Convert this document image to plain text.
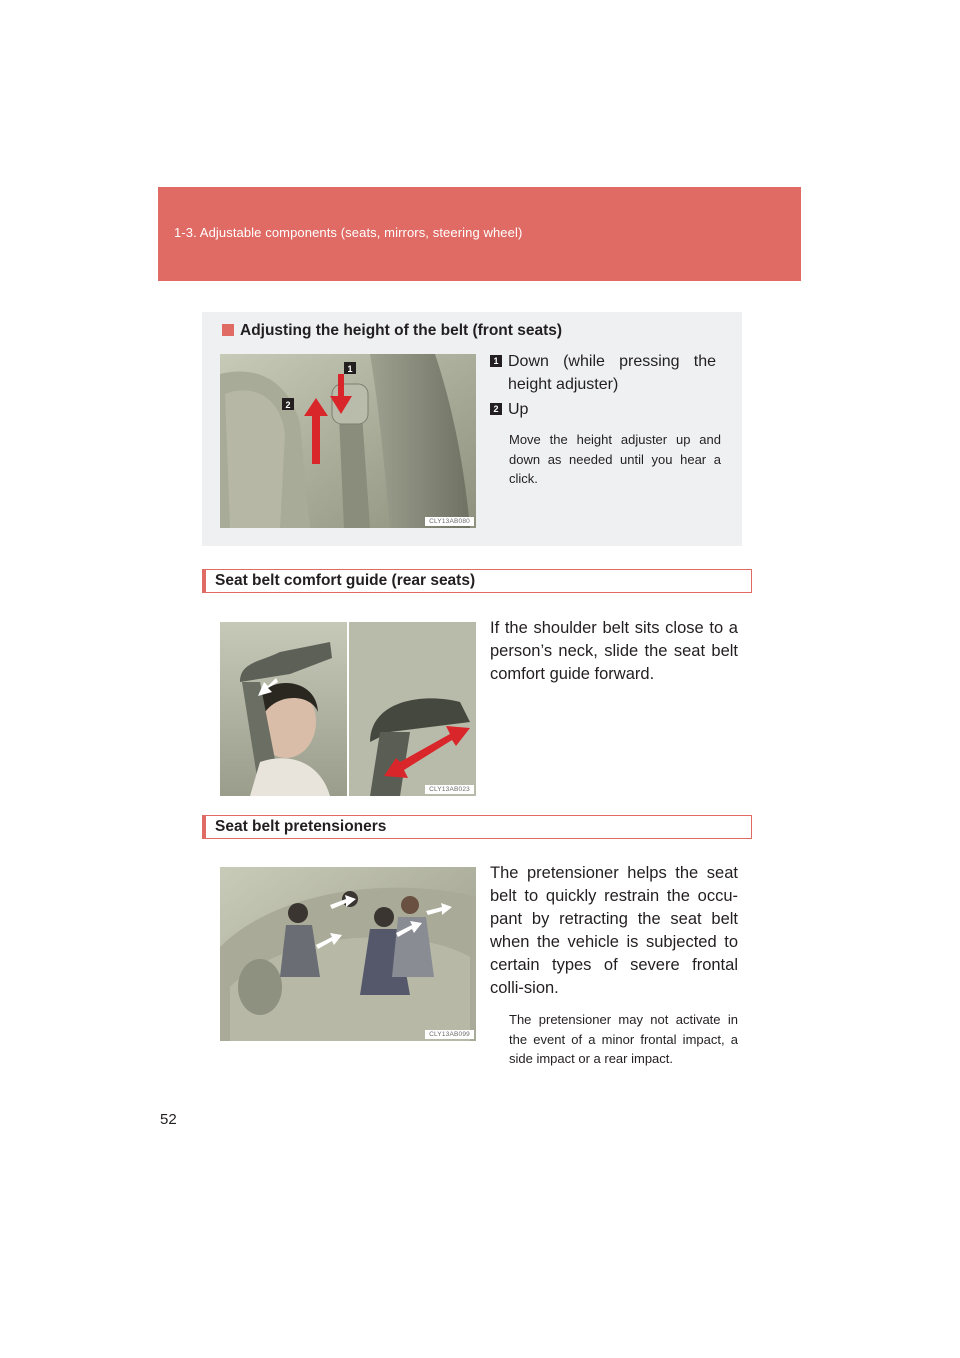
1-3. Adjustable components (seats, mirrors, steering wheel)
Adjusting the height of the belt (front seats)
1
2
CLY13AB080
1 Down (while pressing the height adjuster)
2 Up
Move the height adjuster up and down as needed until you hear a click.
Seat belt comfort guide (rear seats)
CLY13AB023
If the shoulder belt sits close to a person’s neck, slide the seat belt comfort guide forward.
Seat belt pretensioners
CLY13AB099
The pretensioner helps the seat belt to quickly restrain the occu-pant by retracting the seat belt when the vehicle is subjected to certain types of severe frontal colli-sion.
The pretensioner may not activate in the event of a minor frontal impact, a side impact or a rear impact.
52
